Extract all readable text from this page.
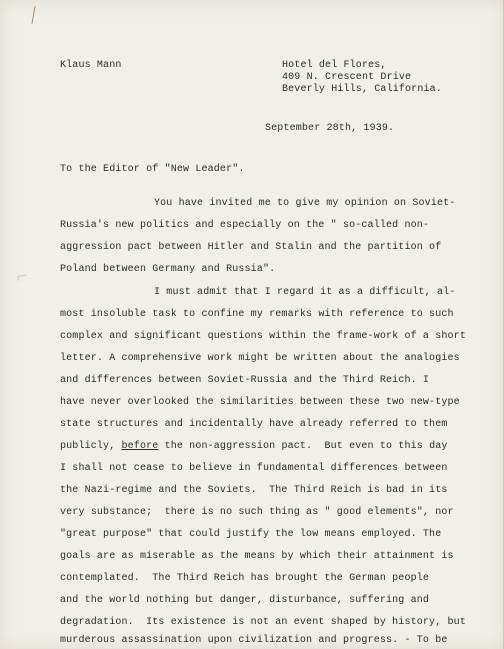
⌐
Klaus Mann	Hotel del Flores,
409 N. Crescent Drive
Beverly Hills, California.
September 28th, 1939.
To the Editor of "New Leader".
You have invited me to give my opinion on Soviet-
Russia's new politics and especially on the " so-called non-
aggression pact between Hitler and Stalin and the partition of
Poland between Germany and Russia".
I must admit that I regard it as a difficult, al-
most insoluble task to confine my remarks with reference to such
complex and significant questions within the frame-work of a short
letter. A comprehensive work might be written about the analogies
and differences between Soviet-Russia and the Third Reich. I
have never overlooked the similarities between these two new-type
state structures and incidentally have already referred to them
publicly, before the non-aggression pact.  But even to this day
I shall not cease to believe in fundamental differences between
the Nazi-regime and the Soviets.  The Third Reich is bad in its
very substance;  there is no such thing as " good elements", nor
"great purpose" that could justify the low means employed. The
goals are as miserable as the means by which their attainment is
contemplated.  The Third Reich has brought the German people
and the world nothing but danger, disturbance, suffering and
degradation.  Its existence is not an event shaped by history, but
murderous assassination upon civilization and progress. - To be
